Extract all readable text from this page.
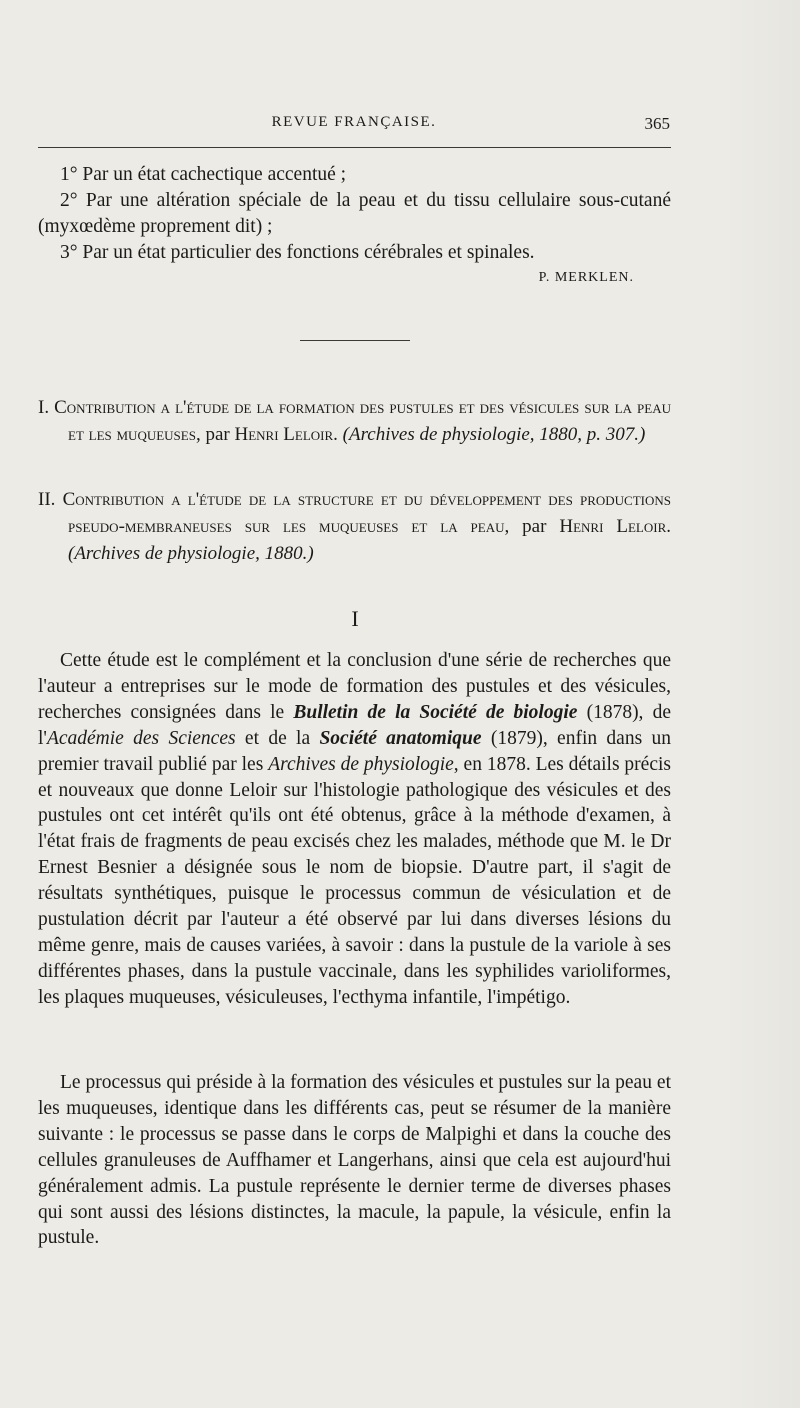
REVUE FRANÇAISE.	365
1° Par un état cachectique accentué ;
2° Par une altération spéciale de la peau et du tissu cellulaire sous-cutané (myxœdème proprement dit) ;
3° Par un état particulier des fonctions cérébrales et spinales.
P. MERKLEN.
I. Contribution a l'étude de la formation des pustules et des vésicules sur la peau et les muqueuses, par Henri Leloir. (Archives de physiologie, 1880, p. 307.)
II. Contribution a l'étude de la structure et du développement des productions pseudo-membraneuses sur les muqueuses et la peau, par Henri Leloir. (Archives de physiologie, 1880.)
I
Cette étude est le complément et la conclusion d'une série de recherches que l'auteur a entreprises sur le mode de formation des pustules et des vésicules, recherches consignées dans le Bulletin de la Société de biologie (1878), de l'Académie des Sciences et de la Société anatomique (1879), enfin dans un premier travail publié par les Archives de physiologie, en 1878. Les détails précis et nouveaux que donne Leloir sur l'histologie pathologique des vésicules et des pustules ont cet intérêt qu'ils ont été obtenus, grâce à la méthode d'examen, à l'état frais de fragments de peau excisés chez les malades, méthode que M. le Dr Ernest Besnier a désignée sous le nom de biopsie. D'autre part, il s'agit de résultats synthétiques, puisque le processus commun de vésiculation et de pustulation décrit par l'auteur a été observé par lui dans diverses lésions du même genre, mais de causes variées, à savoir : dans la pustule de la variole à ses différentes phases, dans la pustule vaccinale, dans les syphilides varioliformes, les plaques muqueuses, vésiculeuses, l'ecthyma infantile, l'impétigo.
Le processus qui préside à la formation des vésicules et pustules sur la peau et les muqueuses, identique dans les différents cas, peut se résumer de la manière suivante : le processus se passe dans le corps de Malpighi et dans la couche des cellules granuleuses de Auffhamer et Langerhans, ainsi que cela est aujourd'hui généralement admis. La pustule représente le dernier terme de diverses phases qui sont aussi des lésions distinctes, la macule, la papule, la vésicule, enfin la pustule.
